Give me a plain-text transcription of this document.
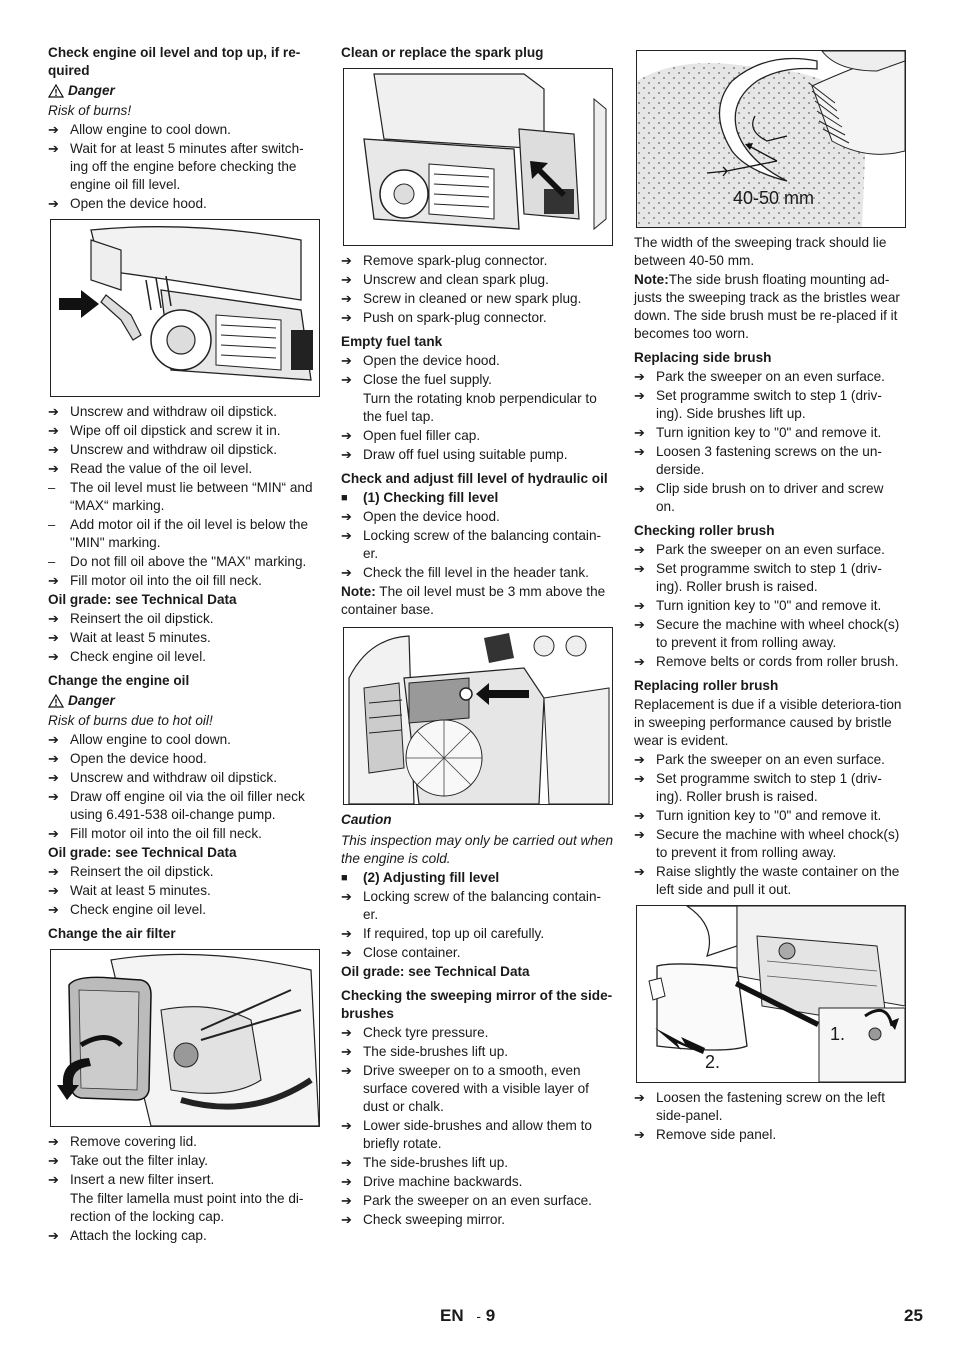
Check engine oil level and top up, if re-quired
Danger
Risk of burns!
➔ Allow engine to cool down.
➔ Wait for at least 5 minutes after switch-ing off the engine before checking the engine oil fill level.
➔ Open the device hood.
➔ Unscrew and withdraw oil dipstick.
➔ Wipe off oil dipstick and screw it in.
➔ Unscrew and withdraw oil dipstick.
➔ Read the value of the oil level.
–	The oil level must lie between “MIN“ and “MAX“ marking.
–	Add motor oil if the oil level is below the "MIN" marking.
–	Do not fill oil above the "MAX" marking.
➔ Fill motor oil into the oil fill neck.
Oil grade: see Technical Data
➔ Reinsert the oil dipstick.
➔ Wait at least 5 minutes.
➔ Check engine oil level.
Change the engine oil
Danger
Risk of burns due to hot oil!
➔ Allow engine to cool down.
➔ Open the device hood.
➔ Unscrew and withdraw oil dipstick.
➔ Draw off engine oil via the oil filler neck using 6.491-538 oil-change pump.
➔ Fill motor oil into the oil fill neck.
Oil grade: see Technical Data
➔ Reinsert the oil dipstick.
➔ Wait at least 5 minutes.
➔ Check engine oil level.
Change the air filter
➔ Remove covering lid.
➔ Take out the filter inlay.
➔ Insert a new filter insert.
The filter lamella must point into the di-rection of the locking cap.
➔ Attach the locking cap.
Clean or replace the spark plug
➔ Remove spark-plug connector.
➔ Unscrew and clean spark plug.
➔ Screw in cleaned or new spark plug.
➔ Push on spark-plug connector.
Empty fuel tank
➔ Open the device hood.
➔ Close the fuel supply.
Turn the rotating knob perpendicular to the fuel tap.
➔ Open fuel filler cap.
➔ Draw off fuel using suitable pump.
Check and adjust fill level of hydraulic oil
■	(1) Checking fill level
➔ Open the device hood.
➔ Locking screw of the balancing contain-er.
➔ Check the fill level in the header tank.
Note: The oil level must be 3 mm above the container base.
Caution
This inspection may only be carried out when the engine is cold.
■	(2) Adjusting fill level
➔ Locking screw of the balancing contain-er.
➔ If required, top up oil carefully.
➔ Close container.
Oil grade: see Technical Data
Checking the sweeping mirror of the side-brushes
➔ Check tyre pressure.
➔ The side-brushes lift up.
➔ Drive sweeper on to a smooth, even surface covered with a visible layer of dust or chalk.
➔ Lower side-brushes and allow them to briefly rotate.
➔ The side-brushes lift up.
➔ Drive machine backwards.
➔ Park the sweeper on an even surface.
➔ Check sweeping mirror.
40-50 mm
The width of the sweeping track should lie between 40-50 mm.
Note:The side brush floating mounting ad-justs the sweeping track as the bristles wear down. The side brush must be re-placed if it becomes too worn.
Replacing side brush
➔ Park the sweeper on an even surface.
➔ Set programme switch to step 1 (driv-ing). Side brushes lift up.
➔ Turn ignition key to "0" and remove it.
➔ Loosen 3 fastening screws on the un-derside.
➔ Clip side brush on to driver and screw on.
Checking roller brush
➔ Park the sweeper on an even surface.
➔ Set programme switch to step 1 (driv-ing). Roller brush is raised.
➔ Turn ignition key to "0" and remove it.
➔ Secure the machine with wheel chock(s) to prevent it from rolling away.
➔ Remove belts or cords from roller brush.
Replacing roller brush
Replacement is due if a visible deteriora-tion in sweeping performance caused by bristle wear is evident.
➔ Park the sweeper on an even surface.
➔ Set programme switch to step 1 (driv-ing). Roller brush is raised.
➔ Turn ignition key to "0" and remove it.
➔ Secure the machine with wheel chock(s) to prevent it from rolling away.
➔ Raise slightly the waste container on the left side and pull it out.
1.
2.
➔ Loosen the fastening screw on the left side-panel.
➔ Remove side panel.
EN - 9	25
